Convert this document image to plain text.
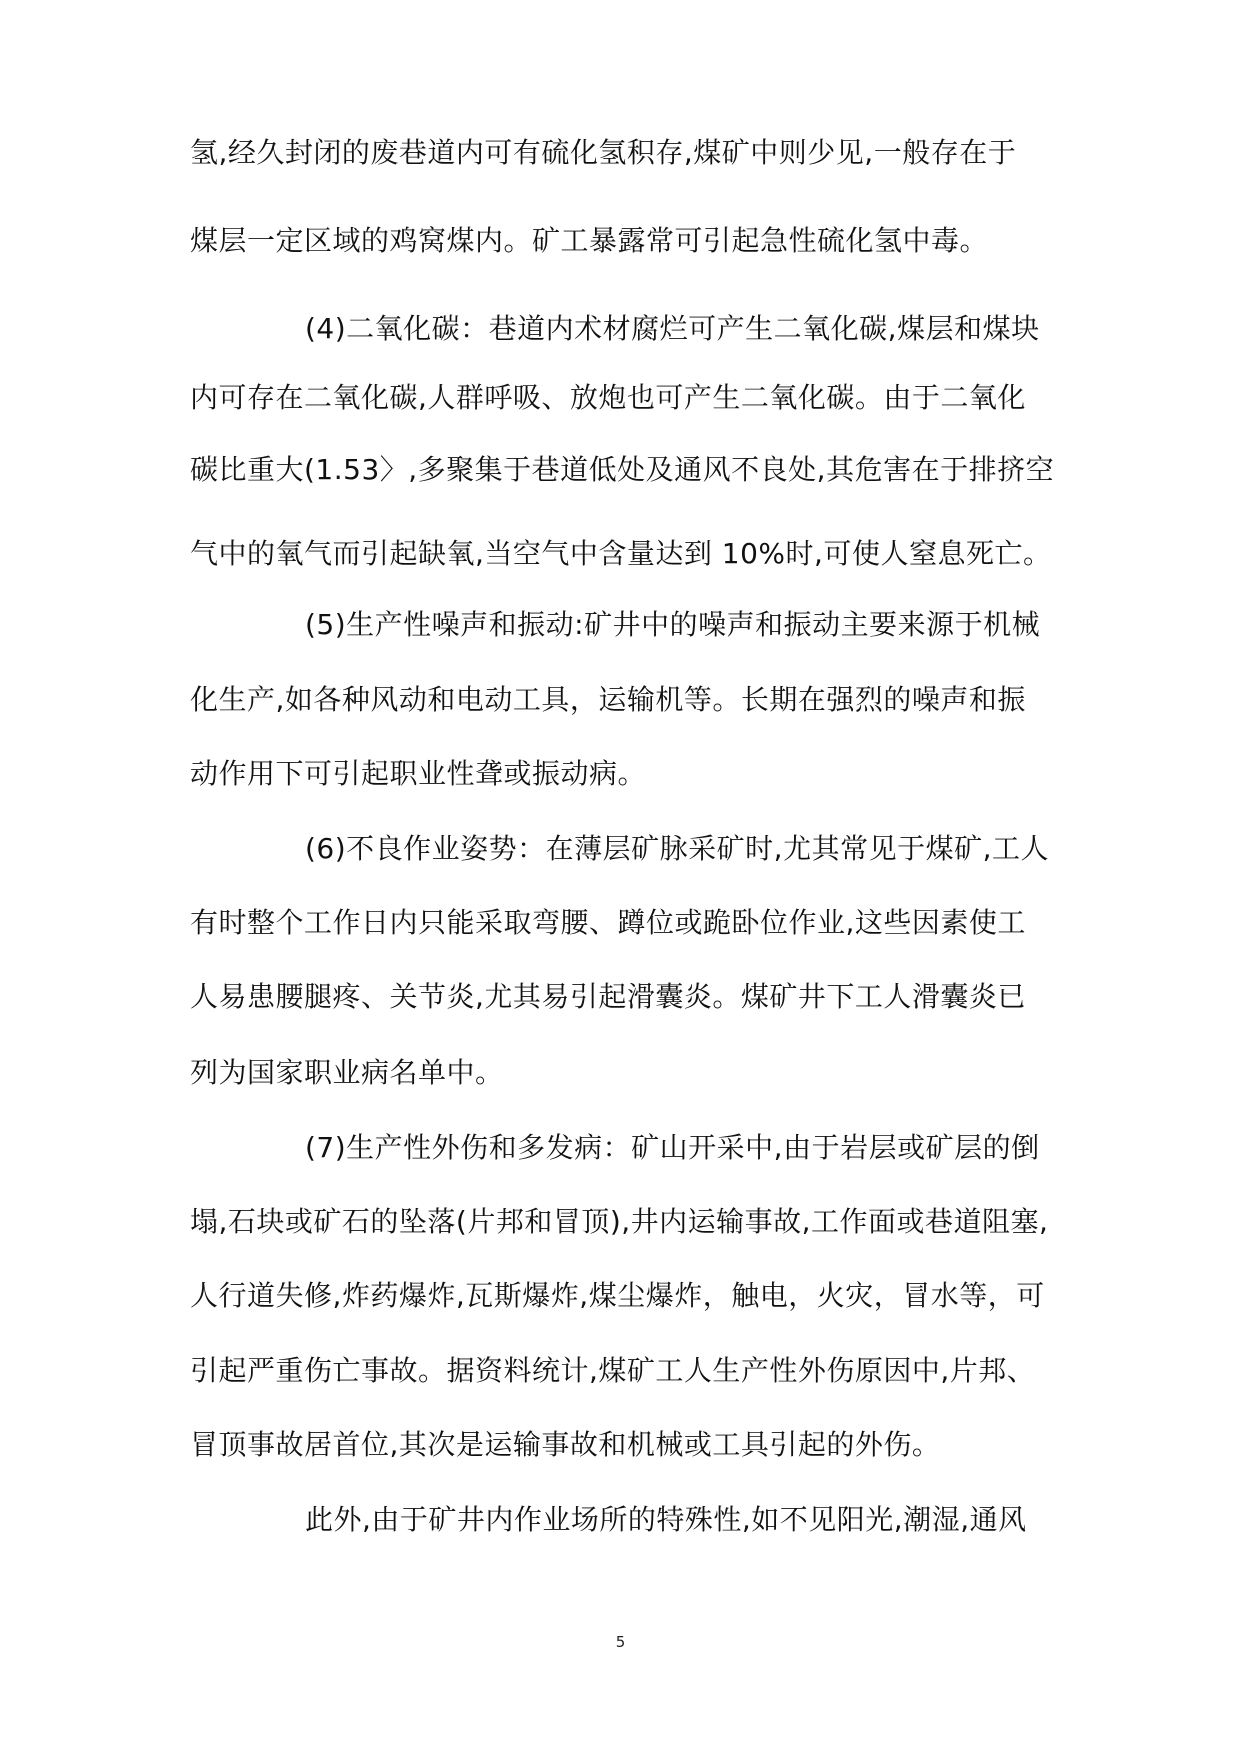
氢,经久封闭的废巷道内可有硫化氢积存,煤矿中则少见,一般存在于
煤层一定区域的鸡窝煤内。矿工暴露常可引起急性硫化氢中毒。
(4)二氧化碳：巷道内术材腐烂可产生二氧化碳,煤层和煤块
内可存在二氧化碳,人群呼吸、放炮也可产生二氧化碳。由于二氧化
碳比重大(1.53〉,多聚集于巷道低处及通风不良处,其危害在于排挤空
气中的氧气而引起缺氧,当空气中含量达到 10%时,可使人窒息死亡。
(5)生产性噪声和振动:矿井中的噪声和振动主要来源于机械
化生产,如各种风动和电动工具，运输机等。长期在强烈的噪声和振
动作用下可引起职业性聋或振动病。
(6)不良作业姿势：在薄层矿脉采矿时,尤其常见于煤矿,工人
有时整个工作日内只能采取弯腰、蹲位或跪卧位作业,这些因素使工
人易患腰腿疼、关节炎,尤其易引起滑囊炎。煤矿井下工人滑囊炎已
列为国家职业病名单中。
(7)生产性外伤和多发病：矿山开采中,由于岩层或矿层的倒
塌,石块或矿石的坠落(片邦和冒顶),井内运输事故,工作面或巷道阻塞,
人行道失修,炸药爆炸,瓦斯爆炸,煤尘爆炸，触电，火灾，冒水等，可
引起严重伤亡事故。据资料统计,煤矿工人生产性外伤原因中,片邦、
冒顶事故居首位,其次是运输事故和机械或工具引起的外伤。
此外,由于矿井内作业场所的特殊性,如不见阳光,潮湿,通风
5
